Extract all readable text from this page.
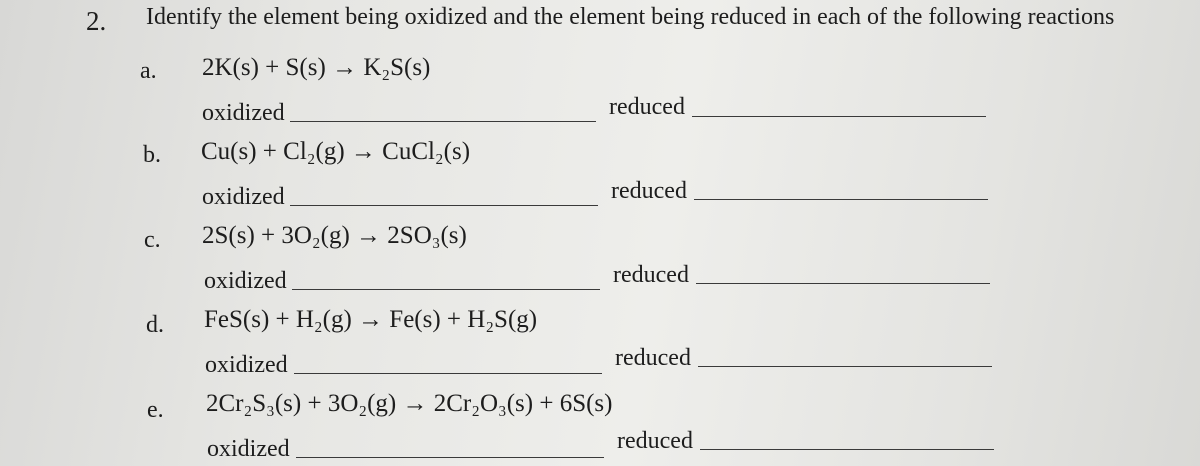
2. Identify the element being oxidized and the element being reduced in each of the following reactions
a. 2K(s) + S(s) → K₂S(s)
oxidized	reduced
b. Cu(s) + Cl₂(g) → CuCl₂(s)
oxidized	reduced
c. 2S(s) + 3O₂(g) → 2SO₃(s)
oxidized	reduced
d. FeS(s) + H₂(g) → Fe(s) + H₂S(g)
oxidized	reduced
e. 2Cr₂S₃(s) + 3O₂(g) → 2Cr₂O₃(s) + 6S(s)
oxidized	reduced
